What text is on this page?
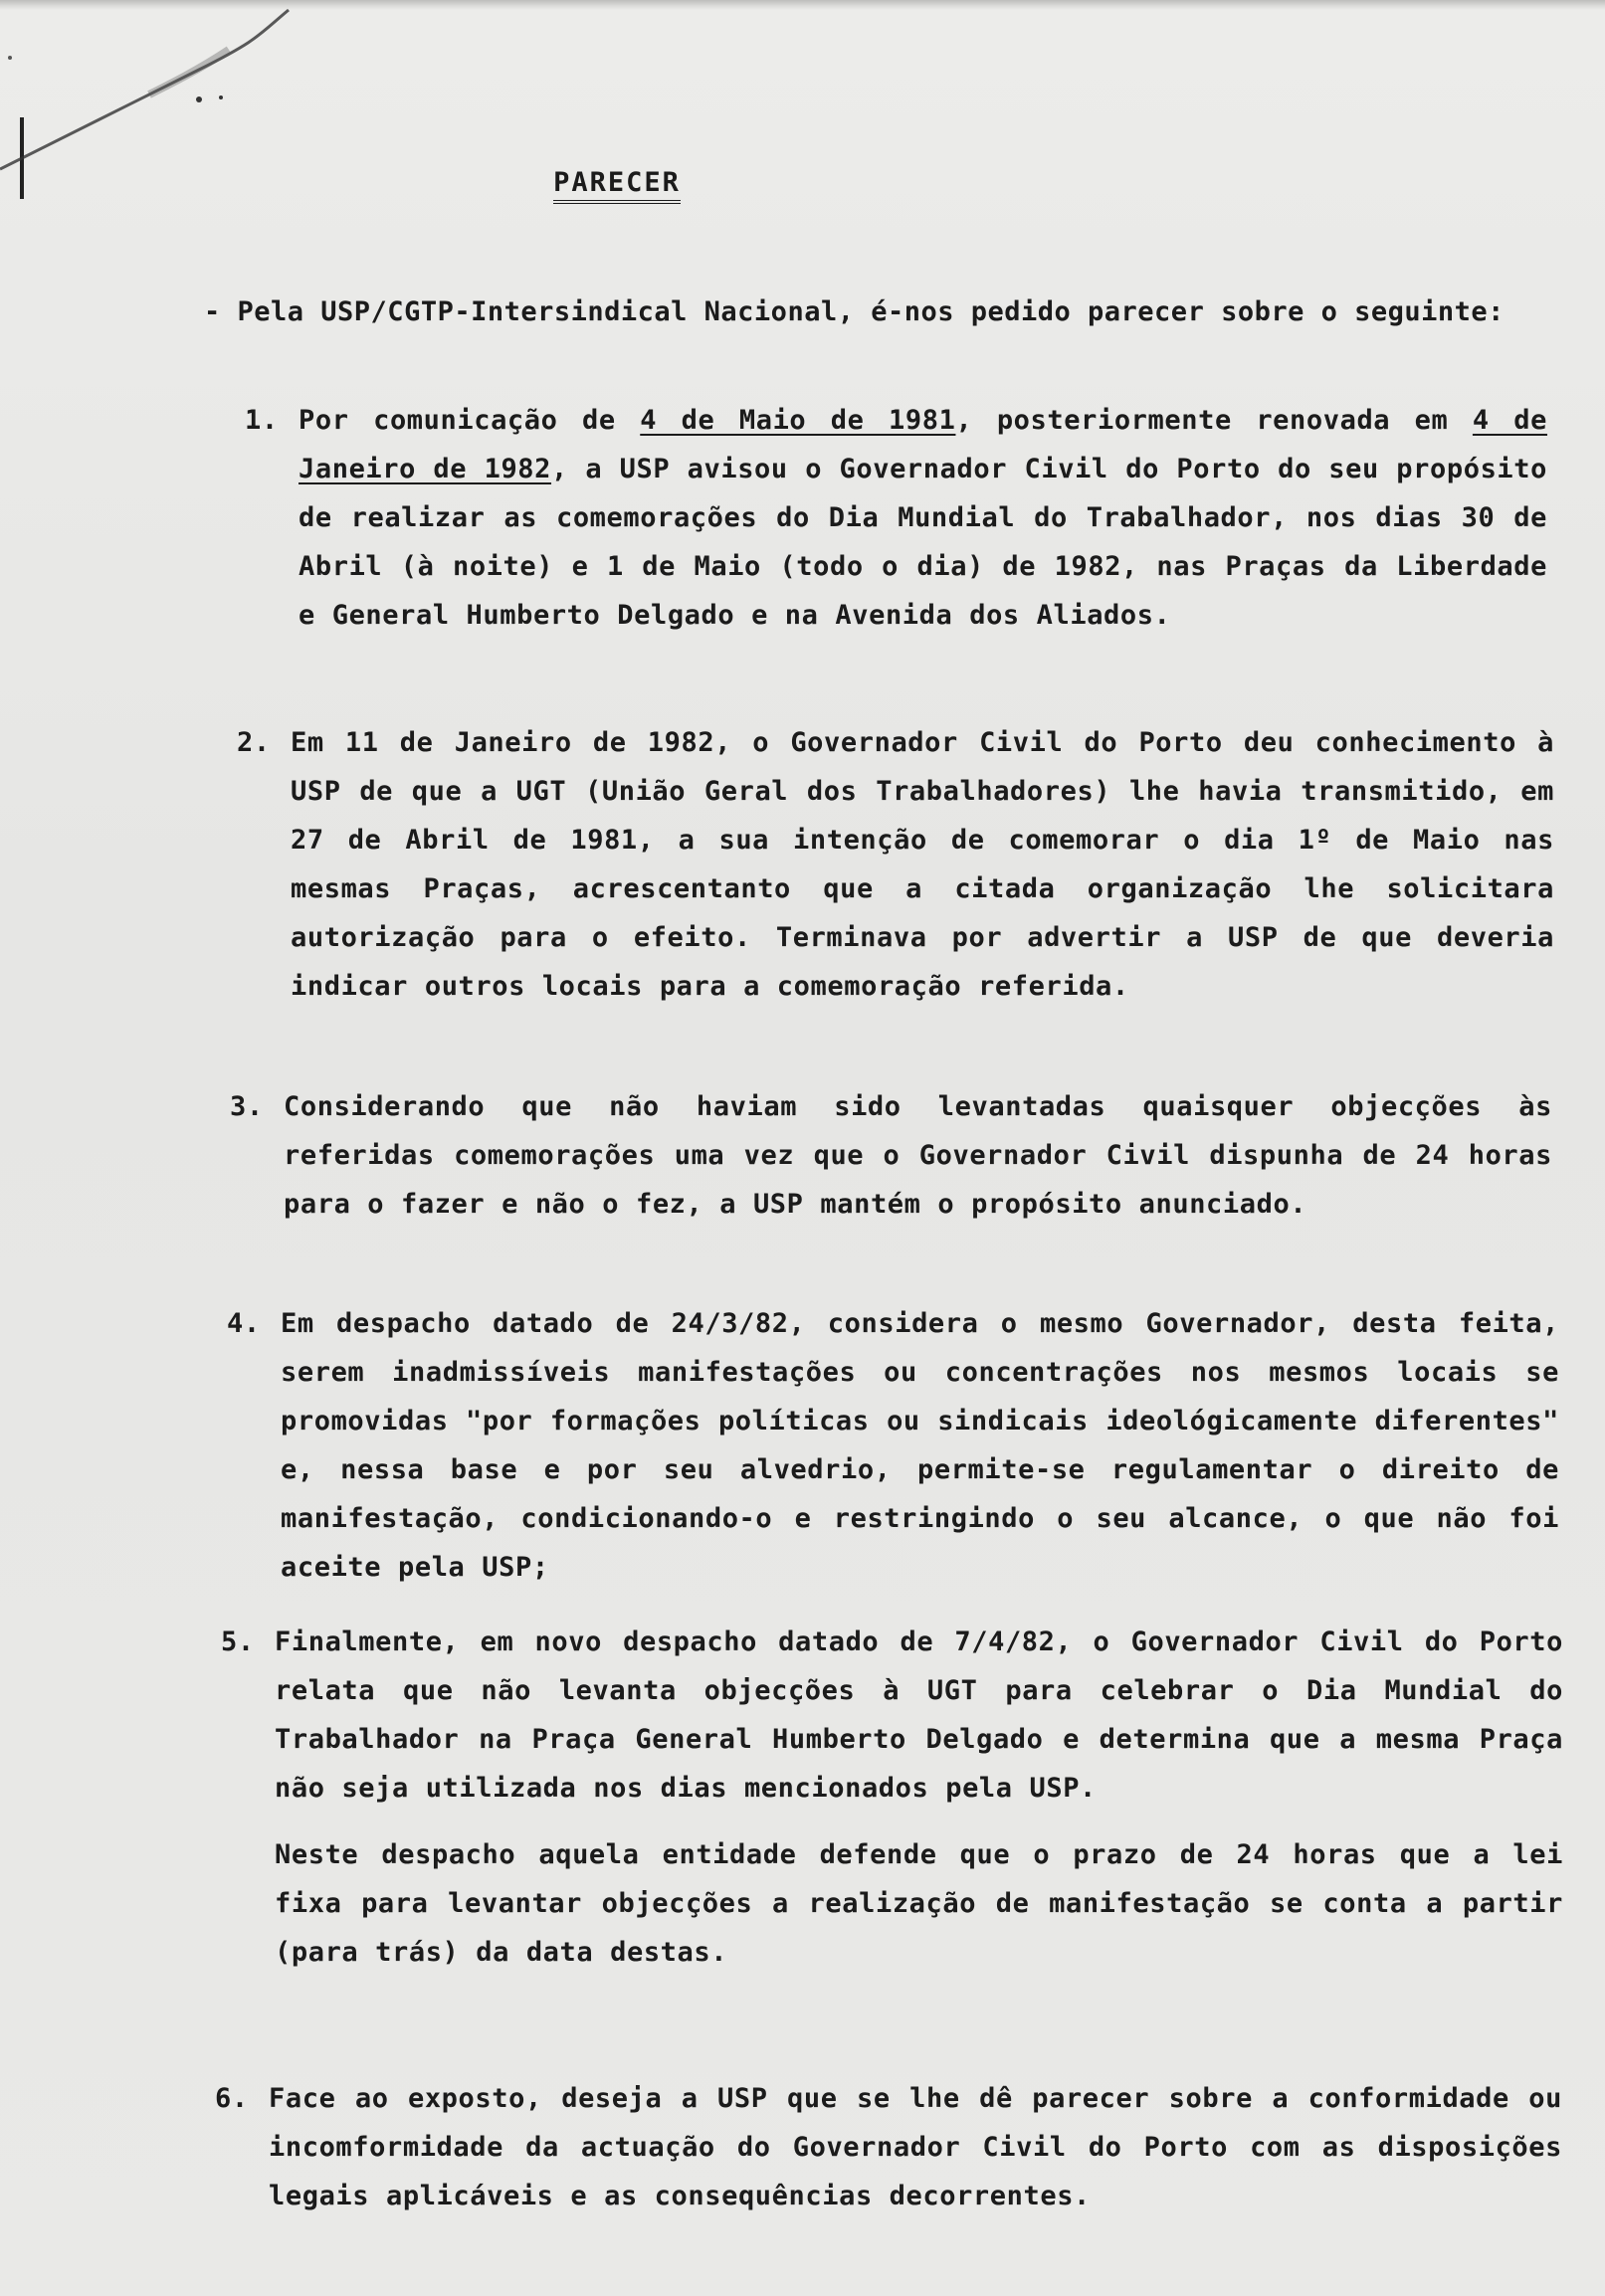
PARECER
- Pela USP/CGTP-Intersindical Nacional, é-nos pedido parecer sobre o seguinte:
1. Por comunicação de 4 de Maio de 1981, posteriormente renovada em 4 de Janeiro de 1982, a USP avisou o Governador Civil do Porto do seu propósito de realizar as comemorações do Dia Mundial do Trabalhador, nos dias 30 de Abril (à noite) e 1 de Maio (todo o dia) de 1982, nas Praças da Liberdade e General Humberto Delgado e na Avenida dos Aliados.
2. Em 11 de Janeiro de 1982, o Governador Civil do Porto deu conhecimento à USP de que a UGT (União Geral dos Trabalhadores) lhe havia transmitido, em 27 de Abril de 1981, a sua intenção de comemorar o dia 1º de Maio nas mesmas Praças, acrescentanto que a citada organização lhe solicitara autorização para o efeito. Terminava por advertir a USP de que deveria indicar outros locais para a comemoração referida.
3. Considerando que não haviam sido levantadas quaisquer objecções às referidas comemorações uma vez que o Governador Civil dispunha de 24 horas para o fazer e não o fez, a USP mantém o propósito anunciado.
4. Em despacho datado de 24/3/82, considera o mesmo Governador, desta feita, serem inadmissíveis manifestações ou concentrações nos mesmos locais se promovidas "por formações políticas ou sindicais ideológicamente diferentes" e, nessa base e por seu alvedrio, permite-se regulamentar o direito de manifestação, condicionando-o e restringindo o seu alcance, o que não foi aceite pela USP;
5. Finalmente, em novo despacho datado de 7/4/82, o Governador Civil do Porto relata que não levanta objecções à UGT para celebrar o Dia Mundial do Trabalhador na Praça General Humberto Delgado e determina que a mesma Praça não seja utilizada nos dias mencionados pela USP.
Neste despacho aquela entidade defende que o prazo de 24 horas que a lei fixa para levantar objecções a realização de manifestação se conta a partir (para trás) da data destas.
6. Face ao exposto, deseja a USP que se lhe dê parecer sobre a conformidade ou incomformidade da actuação do Governador Civil do Porto com as disposições legais aplicáveis e as consequências decorrentes.
